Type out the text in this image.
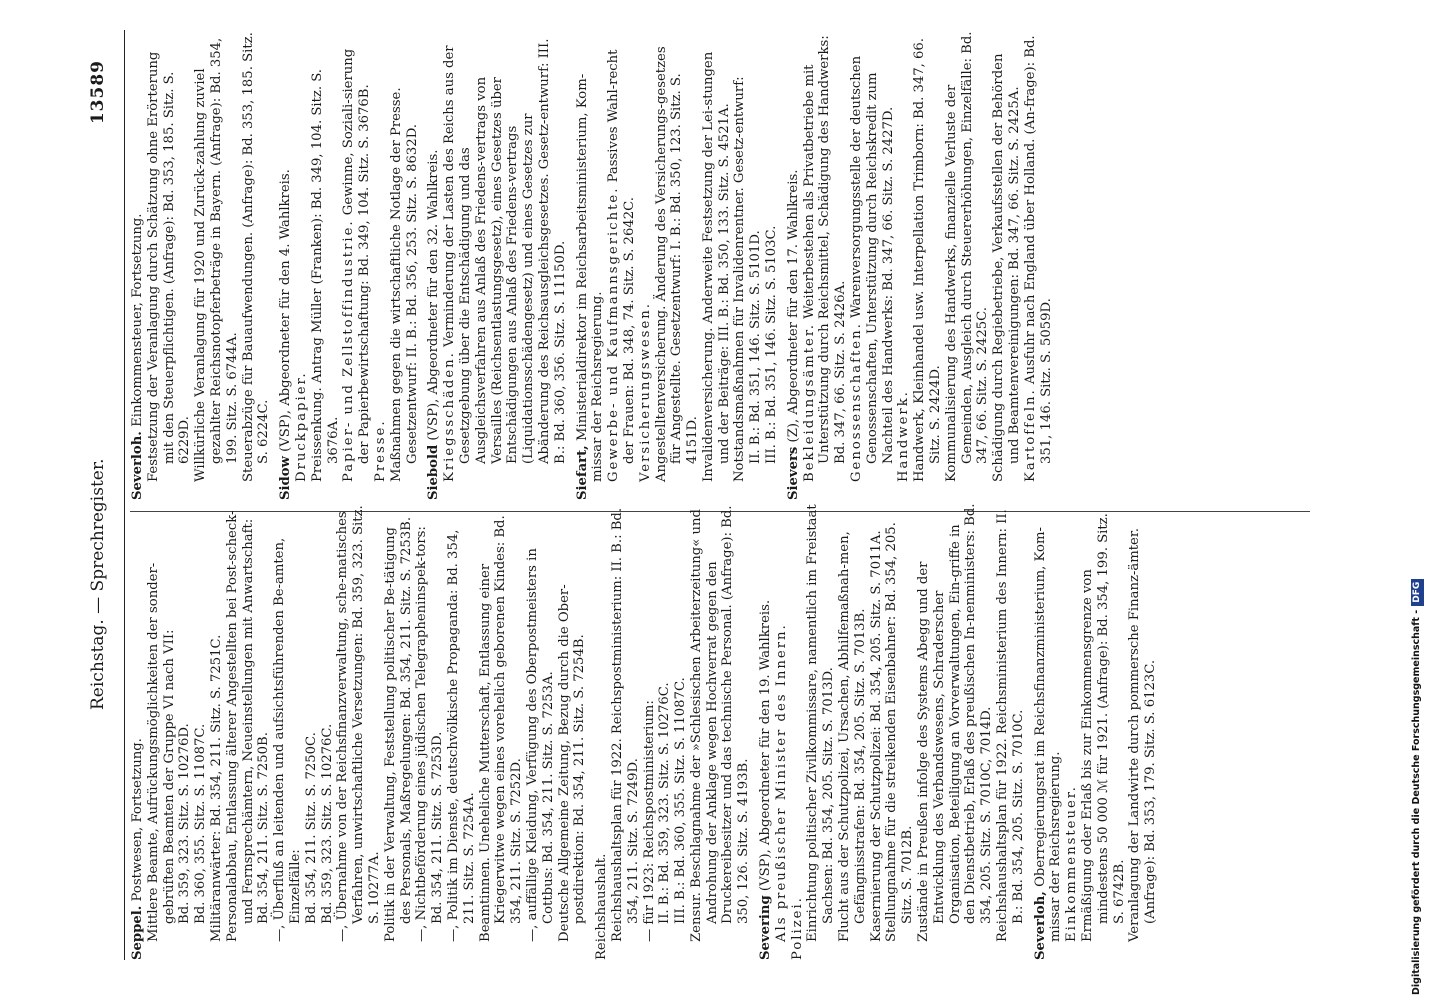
Reichstag. — Sprechregister.
13589

Seppel. Postwesen, Fortsetzung. Mittlere Beamte, Aufrückungsmöglichkeiten der sonder-gebrüften Beamten der Gruppe VI nach VII: Bd. 359, 323. Sitz. S. 10276D. Bd. 360, 355. Sitz. S. 11087C. Militäranwärter: Bd. 354, 211. Sitz. S. 7251C. Personalabbau, Entlassung älterer Angestellten bei Post-scheck- und Fernsprechämtern, Neueinstellungen mit Anwartschaft: Bd. 354, 211. Sitz. S. 7250B. —, Überfluß an leitenden und aufsichtsführenden Be-amten, Einzelfälle: Bd. 354, 211. Sitz. S. 7250C. Bd. 359, 323. Sitz. S. 10276C. —, Übernahme von der Reichsfinanzverwaltung, sche-matisches Verfahren, unwirtschaftliche Versetzungen: Bd. 359, 323. Sitz. S. 10277A. Politik in der Verwaltung, Feststellung politischer Be-tätigung des Personals, Maßregelungen: Bd. 354, 211. Sitz. S. 7253B. —, Nichtbeförderung eines jüdischen Telegrapheninspek-tors: Bd. 354, 211. Sitz. S. 7253D. —, Politik im Dienste, deutschvölkische Propaganda: Bd. 354, 211. Sitz. S. 7254A. Beamtinnen. Uneheliche Mutterschaft, Entlassung einer Kriegerwitwe wegen eines vorehelich geborenen Kindes: Bd. 354, 211. Sitz. S. 7252D. —, auffällige Kleidung, Verfügung des Oberpostmeisters in Cottbus: Bd. 354, 211. Sitz. S. 7253A. Deutsche Allgemeine Zeitung, Bezug durch die Ober-postdirektion: Bd. 354, 211. Sitz. S. 7254B. Reichshaushalt. Reichshaushaltsplan für 1922. Reichspostministerium: II. B.: Bd. 354, 211. Sitz. S. 7249D. — für 1923: Reichspostministerium: II. B.: Bd. 359, 323. Sitz. S. 10276C. III. B.: Bd. 360, 355. Sitz. S. 11087C. Zensur. Beschlagnahme der »Schlesischen Arbeiterzeitung« und Androhung der Anklage wegen Hochverrat gegen den Druckereibesitzer und das technische Personal. (Anfrage): Bd. 350, 126. Sitz. S. 4193B.

Severing (VSP), Abgeordneter für den 19. Wahlkreis. Als preußischer Minister des Innern. Polizei. Einrichtung politischer Zivilkommissare, namentlich im Freistaat Sachsen: Bd. 354, 205. Sitz. S. 7013D. Flucht aus der Schutzpolizei, Ursachen, Abhilfemaßnah-men, Gefängnisstrafen: Bd. 354, 205. Sitz. S. 7013B. Kasernierung der Schutzpolizei: Bd. 354, 205. Sitz. S. 7011A. Stellungnahme für die streikenden Eisenbahner: Bd. 354, 205. Sitz. S. 7012B. Zustände in Preußen infolge des Systems Abegg und der Entwicklung des Verbandswesens, Schraderscher Organisation, Beteiligung an Vorverwaltungen, Ein-griffe in den Dienstbetrieb, Erlaß des preußischen In-nenministers: Bd. 354, 205. Sitz. S. 7010C, 7014D. Reichshaushaltsplan für 1922. Reichsministerium des Innern: II. B.: Bd. 354, 205. Sitz. S. 7010C.

Severloh, Oberregierungsrat im Reichsfinanzministerium, Kom-missar der Reichsregierung. Einkommensteuer. Ermäßigung oder Erlaß bis zur Einkommensgrenze von mindestens 50 000 ℳ für 1921. (Anfrage): Bd. 354, 199. Sitz. S. 6742B. Veranlagung der Landwirte durch pommersche Finanz-ämter. (Anfrage): Bd. 353, 179. Sitz. S. 6123C.

Severloh. Einkommensteuer, Fortsetzung. Festsetzung der Veranlagung durch Schätzung ohne Erörterung mit den Steuerpflichtigen. (Anfrage): Bd. 353, 185. Sitz. S. 6229D. Willkürliche Veranlagung für 1920 und Zurück-zahlung zuviel gezahlter Reichsnotopferbeträge in Bayern. (Anfrage): Bd. 354, 199. Sitz. S. 6744A. Steuerabzüge für Bauaufwendungen. (Anfrage): Bd. 353, 185. Sitz. S. 6224C.

Sidow (VSP), Abgeordneter für den 4. Wahlkreis. Druckpapier. Preissenkung. Antrag Müller (Franken): Bd. 349, 104. Sitz. S. 3676A. Papier- und Zellstoffindustrie. Gewinne, Soziali-sierung der Papierbewirtschaftung: Bd. 349, 104. Sitz. S. 3676B. Presse. Maßnahmen gegen die wirtschaftliche Notlage der Presse. Gesetzentwurf: II. B.: Bd. 356, 253. Sitz. S. 8632D.

Siebold (VSP), Abgeordneter für den 32. Wahlkreis. Kriegsschäden. Verminderung der Lasten des Reichs aus der Gesetzgebung über die Entschädigung und das Ausgleichsverfahren aus Anlaß des Friedens-vertrags von Versailles (Reichsentlastungsgesetz), eines Gesetzes über Entschädigungen aus Anlaß des Friedens-vertrags (Liquidationsschädengesetz) und eines Gesetzes zur Abänderung des Reichsausgleichsgesetzes. Gesetz-entwurf: III. B.: Bd. 360, 356. Sitz. S. 11150D.

Siefart, Ministerialdirektor im Reichsarbeitsministerium, Kom-missar der Reichsregierung. Gewerbe- und Kaufmannsgerichte. Passives Wahl-recht der Frauen: Bd. 348, 74. Sitz. S. 2642C. Versicherungswesen. Angestelltenversicherung. Änderung des Versicherungs-gesetzes für Angestellte. Gesetzentwurf: I. B.: Bd. 350, 123. Sitz. S. 4151D. Invalidenversicherung. Anderweite Festsetzung der Lei-stungen und der Beiträge: III. B.: Bd. 350, 133. Sitz. S. 4521A. Notstandsmaßnahmen für Invalidenrentner. Gesetz-entwurf: II. B.: Bd. 351, 146. Sitz. S. 5101D. III. B.: Bd. 351, 146. Sitz. S. 5103C.

Sievers (Z), Abgeordneter für den 17. Wahlkreis. Bekleidungsämter. Weiterbestehen als Privatbetriebe mit Unterstützung durch Reichsmittel, Schädigung des Handwerks: Bd. 347, 66. Sitz. S. 2426A. Genossenschaften. Warenversorgungsstelle der deutschen Genossenschaften, Unterstützung durch Reichskredit zum Nachteil des Handwerks: Bd. 347, 66. Sitz. S. 2427D. Handwerk. Handwerk, Kleinhandel usw. Interpellation Trimborn: Bd. 347, 66. Sitz. S. 2424D. Kommunalisierung des Handwerks, finanzielle Verluste der Gemeinden, Ausgleich durch Steuererhöhungen, Einzelfälle: Bd. 347, 66. Sitz. S. 2425C. Schädigung durch Regiebetriebe, Verkaufsstellen der Behörden und Beamtenvereinigungen: Bd. 347, 66. Sitz. S. 2425A. Kartoffeln. Ausfuhr nach England über Holland. (An-frage): Bd. 351, 146. Sitz. S. 5059D.

Digitalisierung gefördert durch die Deutsche Forschungsgemeinschaft -DFG
